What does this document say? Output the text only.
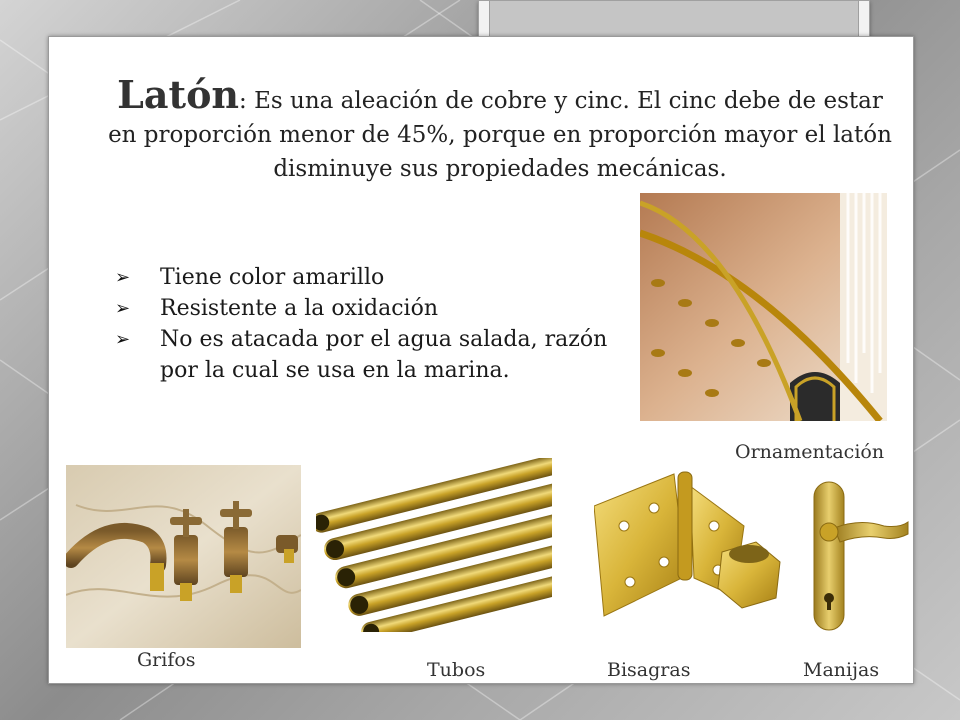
Latón: Es una aleación de cobre y cinc. El cinc debe de estar en proporción menor de 45%, porque en proporción mayor el latón disminuye sus propiedades mecánicas.
➢ Tiene color amarillo
➢ Resistente a la oxidación
➢ No es atacada por el agua salada, razón por la cual se usa en la marina.
Ornamentación
Grifos	Tubos	Bisagras	Manijas
